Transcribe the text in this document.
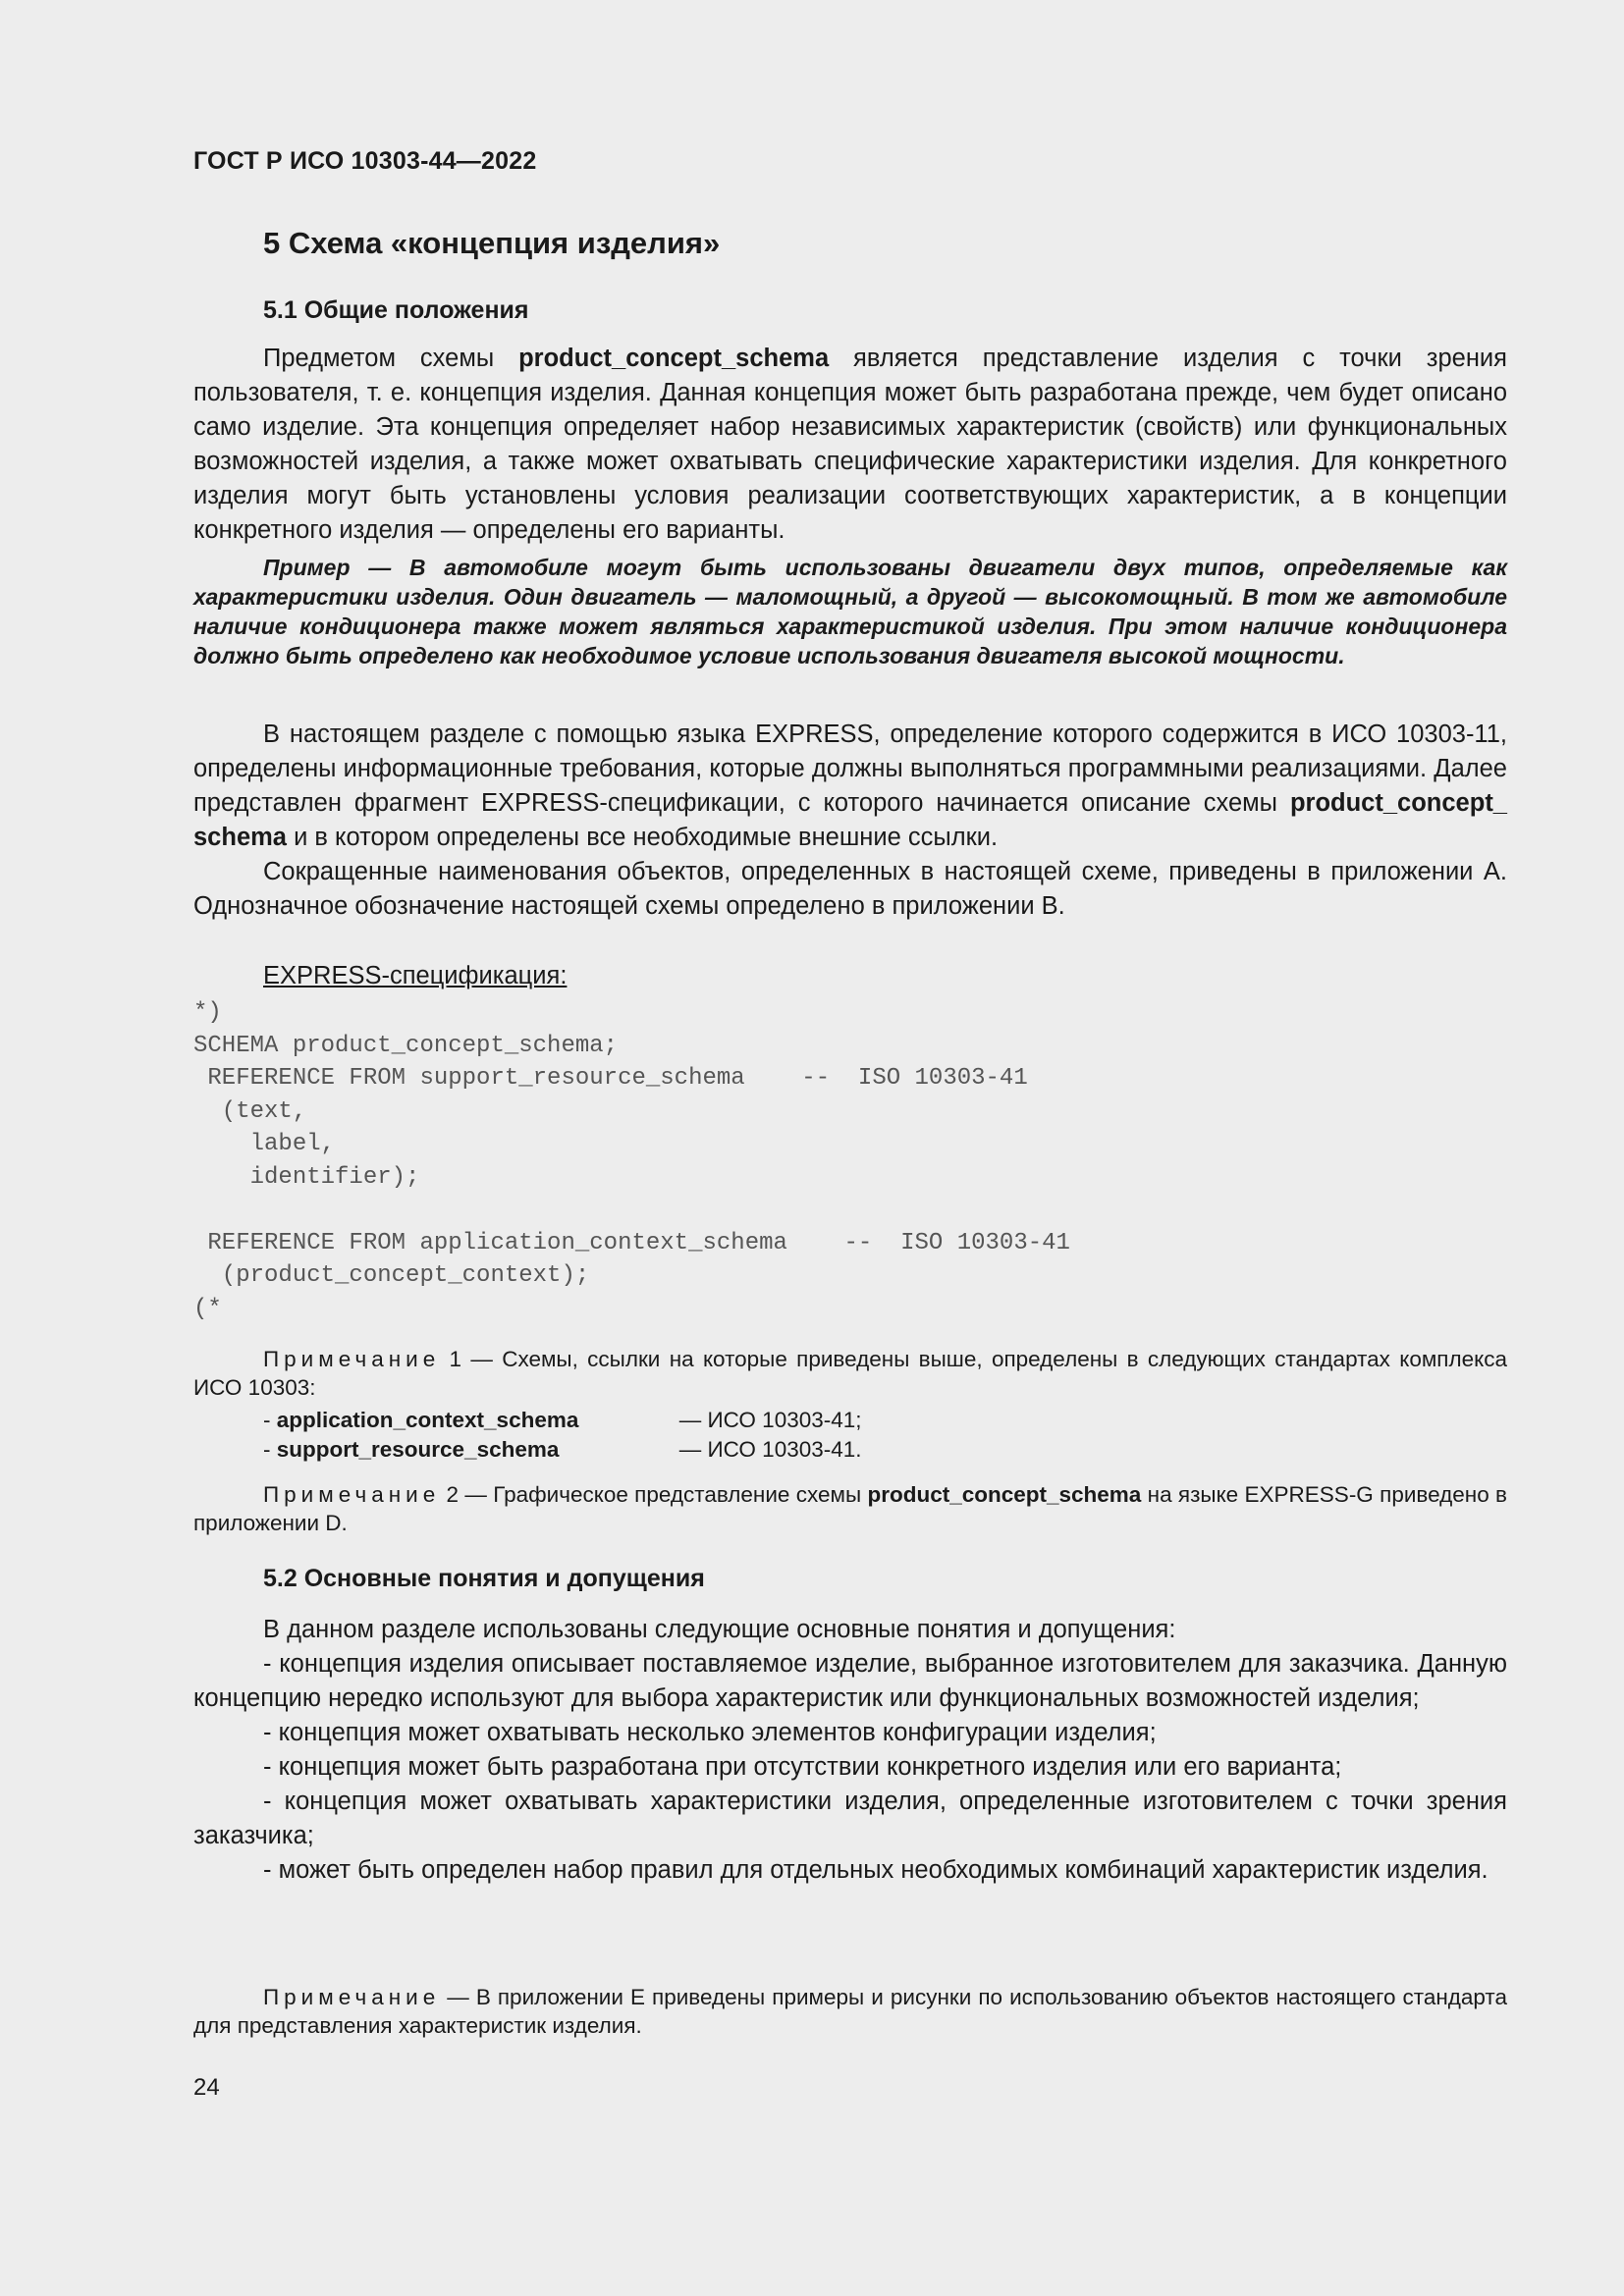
ГОСТ Р ИСО 10303-44—2022
5 Схема «концепция изделия»
5.1 Общие положения

Предметом схемы product_concept_schema является представление изделия с точки зрения пользователя, т. е. концепция изделия. Данная концепция может быть разработана прежде, чем будет описано само изделие. Эта концепция определяет набор независимых характеристик (свойств) или функциональных возможностей изделия, а также может охватывать специфические характеристики изделия. Для конкретного изделия могут быть установлены условия реализации соответствующих характеристик, а в концепции конкретного изделия — определены его варианты.

Пример — В автомобиле могут быть использованы двигатели двух типов, определяемые как характеристики изделия. Один двигатель — маломощный, а другой — высокомощный. В том же автомобиле наличие кондиционера также может являться характеристикой изделия. При этом наличие кондиционера должно быть определено как необходимое условие использования двигателя высокой мощности.

В настоящем разделе с помощью языка EXPRESS, определение которого содержится в ИСО 10303-11, определены информационные требования, которые должны выполняться программными реализациями. Далее представлен фрагмент EXPRESS-спецификации, с которого начинается описание схемы product_concept_ schema и в котором определены все необходимые внешние ссылки.

Сокращенные наименования объектов, определенных в настоящей схеме, приведены в приложении А. Однозначное обозначение настоящей схемы определено в приложении В.

EXPRESS-спецификация:
*)
SCHEMA product_concept_schema;
REFERENCE FROM support_resource_schema    --  ISO 10303-41
(text,
label,
identifier);

REFERENCE FROM application_context_schema    --  ISO 10303-41
(product_concept_context);
(*

Примечание 1 — Схемы, ссылки на которые приведены выше, определены в следующих стандартах комплекса ИСО 10303:

- application_context_schema	— ИСО 10303-41;
- support_resource_schema	— ИСО 10303-41.

Примечание 2 — Графическое представление схемы product_concept_schema на языке EXPRESS-G приведено в приложении D.

5.2 Основные понятия и допущения

В данном разделе использованы следующие основные понятия и допущения:

- концепция изделия описывает поставляемое изделие, выбранное изготовителем для заказчика. Данную концепцию нередко используют для выбора характеристик или функциональных возможностей изделия;

- концепция может охватывать несколько элементов конфигурации изделия;

- концепция может быть разработана при отсутствии конкретного изделия или его варианта;

- концепция может охватывать характеристики изделия, определенные изготовителем с точки зрения заказчика;

- может быть определен набор правил для отдельных необходимых комбинаций характеристик изделия.

Примечание — В приложении Е приведены примеры и рисунки по использованию объектов настоящего стандарта для представления характеристик изделия.

24
